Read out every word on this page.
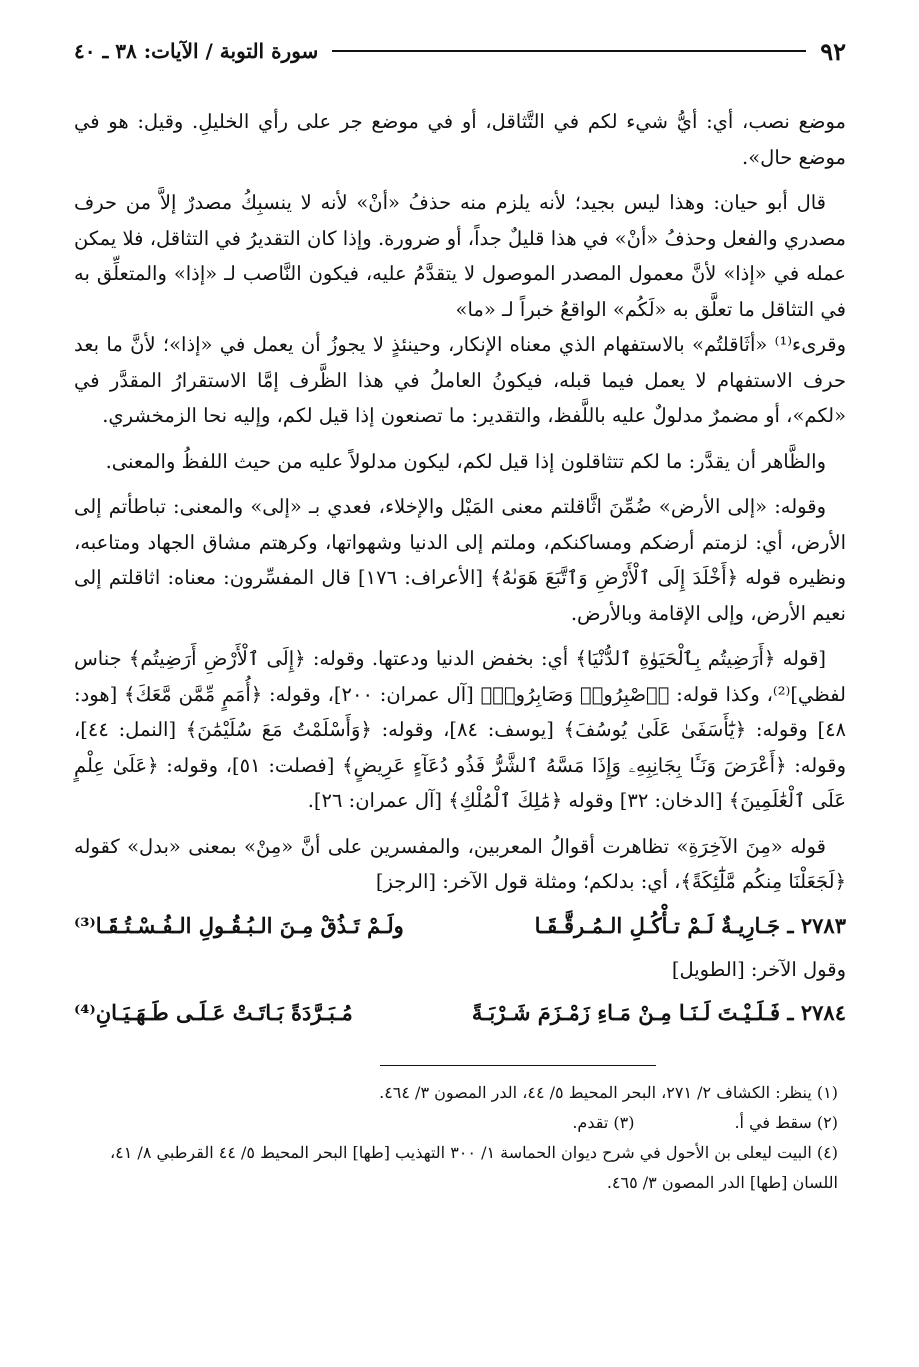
٩٢
سورة التوبة / الآيات: ٣٨ ـ ٤٠

موضع نصب، أي: أيُّ شيء لكم في التَّثاقل، أو في موضع جر على رأي الخليلِ. وقيل: هو في موضع حال».

قال أبو حيان: وهذا ليس بجيد؛ لأنه يلزم منه حذفُ «أنْ» لأنه لا ينسبِكُ مصدرٌ إلاَّ من حرف مصدري والفعل وحذفُ «أنْ» في هذا قليلٌ جداً، أو ضرورة. وإذا كان التقديرُ في التثاقل، فلا يمكن عمله في «إذا» لأنَّ معمول المصدر الموصول لا يتقدَّمُ عليه، فيكون النَّاصب لـ «إذا» والمتعلِّق به في التثاقل ما تعلَّق به «لَكُم» الواقعُ خبراً لـ «ما»

وقرىء⁽¹⁾ «أثَاقلتُم» بالاستفهام الذي معناه الإنكار، وحينئذٍ لا يجوزُ أن يعمل في «إذا»؛ لأنَّ ما بعد حرف الاستفهام لا يعمل فيما قبله، فيكونُ العاملُ في هذا الظَّرف إمَّا الاستقرارُ المقدَّر في «لكم»، أو مضمرٌ مدلولٌ عليه باللَّفظ، والتقدير: ما تصنعون إذا قيل لكم، وإليه نحا الزمخشري.

والظَّاهر أن يقدَّر: ما لكم تتثاقلون إذا قيل لكم، ليكون مدلولاً عليه من حيث اللفظُ والمعنى.

وقوله: «إلى الأرض» ضُمِّنَ اثَّاقلتم معنى المَيْل والإخلاء، فعدي بـ «إلى» والمعنى: تباطأتم إلى الأرض، أي: لزمتم أرضكم ومساكنكم، وملتم إلى الدنيا وشهواتها، وكرهتم مشاق الجهاد ومتاعبه، ونظيره قوله ﴿أَخْلَدَ إِلَى ٱلْأَرْضِ وَٱتَّبَعَ هَوَىٰهُ﴾ [الأعراف: ١٧٦] قال المفسِّرون: معناه: اثاقلتم إلى نعيم الأرض، وإلى الإقامة وبالأرض.

[قوله ﴿أَرَضِيتُم بِٱلْحَيَوٰةِ ٱلدُّنْيَا﴾ أي: بخفض الدنيا ودعتها. وقوله: ﴿إِلَى ٱلْأَرْضِ أَرَضِيتُم﴾ جناس لفظي]⁽²⁾، وكذا قوله: ﴿ٱصْبِرُوا۟ وَصَابِرُوا۟﴾ [آل عمران: ٢٠٠]، وقوله: ﴿أُمَمٍ مِّمَّن مَّعَكَ﴾ [هود: ٤٨] وقوله: ﴿يَٰٓأَسَفَىٰ عَلَىٰ يُوسُفَ﴾ [يوسف: ٨٤]، وقوله: ﴿وَأَسْلَمْتُ مَعَ سُلَيْمَٰنَ﴾ [النمل: ٤٤]، وقوله: ﴿أَعْرَضَ وَنَـَٔا بِجَانِبِهِۦ وَإِذَا مَسَّهُ ٱلشَّرُّ فَذُو دُعَآءٍ عَرِيضٍ﴾ [فصلت: ٥١]، وقوله: ﴿عَلَىٰ عِلْمٍ عَلَى ٱلْعَٰلَمِينَ﴾ [الدخان: ٣٢] وقوله ﴿مَٰلِكَ ٱلْمُلْكِ﴾ [آل عمران: ٢٦].

قوله «مِنَ الآخِرَةِ» تظاهرت أقوالُ المعربين، والمفسرين على أنَّ «مِنْ» بمعنى «بدل» كقوله ﴿لَجَعَلْنَا مِنكُم مَّلَٰٓئِكَةً﴾، أي: بدلكم؛ ومثلة قول الآخر: [الرجز]

٢٧٨٣ ـ جَـارِيـةٌ لَـمْ تـأْكُـلِ الـمُـرقَّـقَـا
ولَـمْ تَـذُقْ مِـنَ الـبُـقُـولِ الـفُـسْـتُـقَـا⁽³⁾

وقول الآخر: [الطويل]

٢٧٨٤ ـ فَـلَـيْـتَ لَـنَـا مِـنْ مَـاءِ زَمْـزَمَ شَـرْبَـةً
مُـبَـرَّدَةً بَـاتَـتْ عَـلَـى طَـهَـيَـانِ⁽⁴⁾
(١) ينظر: الكشاف ٢/ ٢٧١، البحر المحيط ٥/ ٤٤، الدر المصون ٣/ ٤٦٤.
(٢) سقط في أ.
(٣) تقدم.
(٤) البيت ليعلى بن الأحول في شرح ديوان الحماسة ١/ ٣٠٠ التهذيب [طها] البحر المحيط ٥/ ٤٤ القرطبي ٨/ ٤١، اللسان [طها] الدر المصون ٣/ ٤٦٥.
